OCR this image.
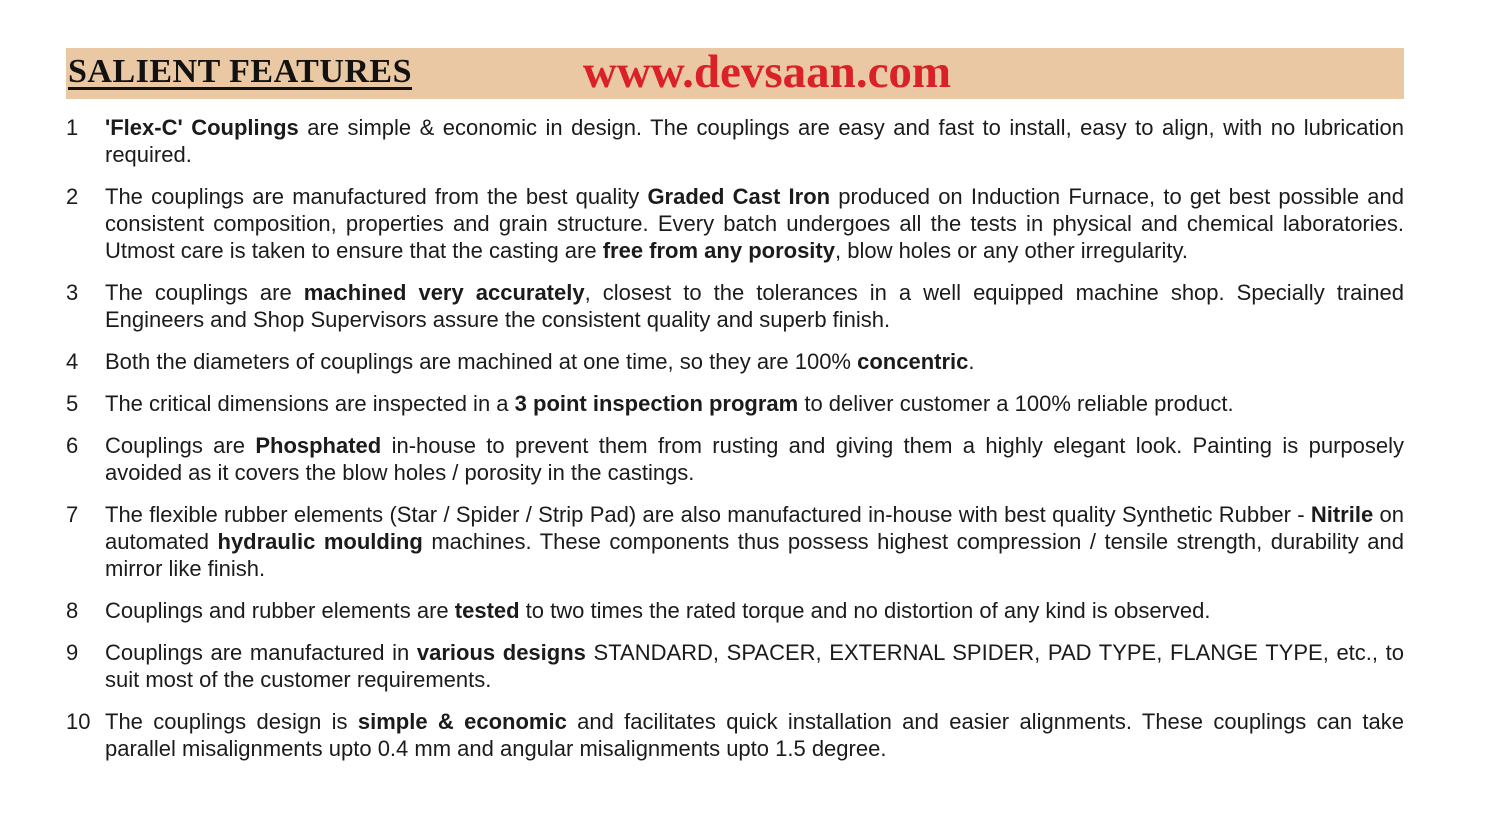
SALIENT FEATURES	www.devsaan.com
1	'Flex-C' Couplings are simple & economic in design. The couplings are easy and fast to install, easy to align, with no lubrication required.
2	The couplings are manufactured from the best quality Graded Cast Iron produced on Induction Furnace, to get best possible and consistent composition, properties and grain structure. Every batch undergoes all the tests in physical and chemical laboratories. Utmost care is taken to ensure that the casting are free from any porosity, blow holes or any other irregularity.
3	The couplings are machined very accurately, closest to the tolerances in a well equipped machine shop. Specially trained Engineers and Shop Supervisors assure the consistent quality and superb finish.
4	Both the diameters of couplings are machined at one time, so they are 100% concentric.
5	The critical dimensions are inspected in a 3 point inspection program to deliver customer a 100% reliable product.
6	Couplings are Phosphated in-house to prevent them from rusting and giving them a highly elegant look. Painting is purposely avoided as it covers the blow holes / porosity in the castings.
7	The flexible rubber elements (Star / Spider / Strip Pad) are also manufactured in-house with best quality Synthetic Rubber - Nitrile on automated hydraulic moulding machines. These components thus possess highest compression / tensile strength, durability and mirror like finish.
8	Couplings and rubber elements are tested to two times the rated torque and no distortion of any kind is observed.
9	Couplings are manufactured in various designs STANDARD, SPACER, EXTERNAL SPIDER, PAD TYPE, FLANGE TYPE, etc., to suit most of the customer requirements.
10 The couplings design is simple & economic and facilitates quick installation and easier alignments. These couplings can take parallel misalignments upto 0.4 mm and angular misalignments upto 1.5 degree.
